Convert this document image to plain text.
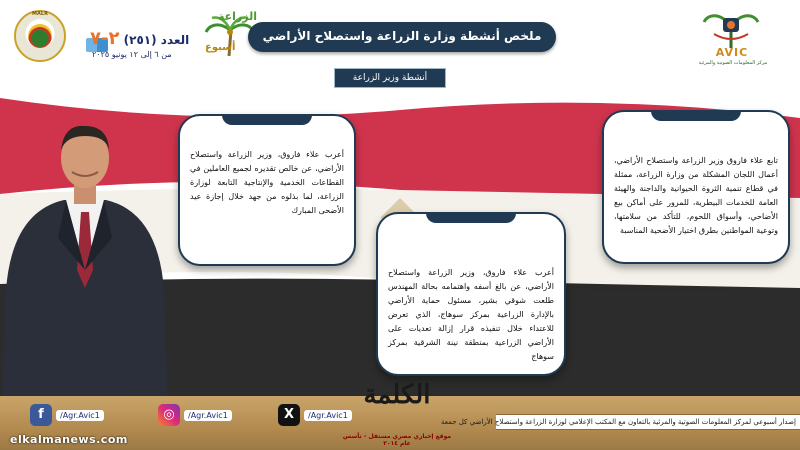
MALR
العدد (٢٥١) ٢-٧
من ٦ إلى ١٢ يونيو ٢٠٢٥
الزراعة
أسبوع
ملخص أنشطة وزارة الزراعة واستصلاح الأراضي
AVIC
مركز المعلومات الصوتية والمرئية
أنشطة وزير الزراعة
تابع علاء فاروق وزير الزراعة واستصلاح الأراضي، أعمال اللجان المشكلة من وزارة الزراعة، ممثلة في قطاع تنمية الثروة الحيوانية والداجنة والهيئة العامة للخدمات البيطرية، للمرور على أماكن بيع الأضاحي، وأسواق اللحوم، للتأكد من سلامتها، وتوعية المواطنين بطرق اختيار الأضحية المناسبة
أعرب علاء فاروق، وزير الزراعة واستصلاح الأراضي، عن بالغ أسفه واهتمامه بحالة المهندس طلعت شوقي بشير، مسئول حماية الأراضي بالإدارة الزراعية بمركز سوهاج، الذي تعرض للاعتداء خلال تنفيذه قرار إزالة تعديات على الأراضي الزراعية بمنطقة نينة الشرقية بمركز سوهاج
أعرب علاء فاروق، وزير الزراعة واستصلاح الأراضي، عن خالص تقديره لجميع العاملين في القطاعات الخدمية والإنتاجية التابعة لوزارة الزراعة، لما بذلوه من جهد خلال إجازة عيد الأضحى المبارك
f	/Agr.Avic1	◎	/Agr.Avic1	X	/Agr.Avic1
elkalmanews.com
الكلمة
موقع إخباري مصري مستقل - تأسس عام ٢٠١٤
إصدار أسبوعي لمركز المعلومات الصوتية والمرئية بالتعاون مع المكتب الإعلامي لوزارة الزراعة واستصلاح الأراضي كل جمعة
